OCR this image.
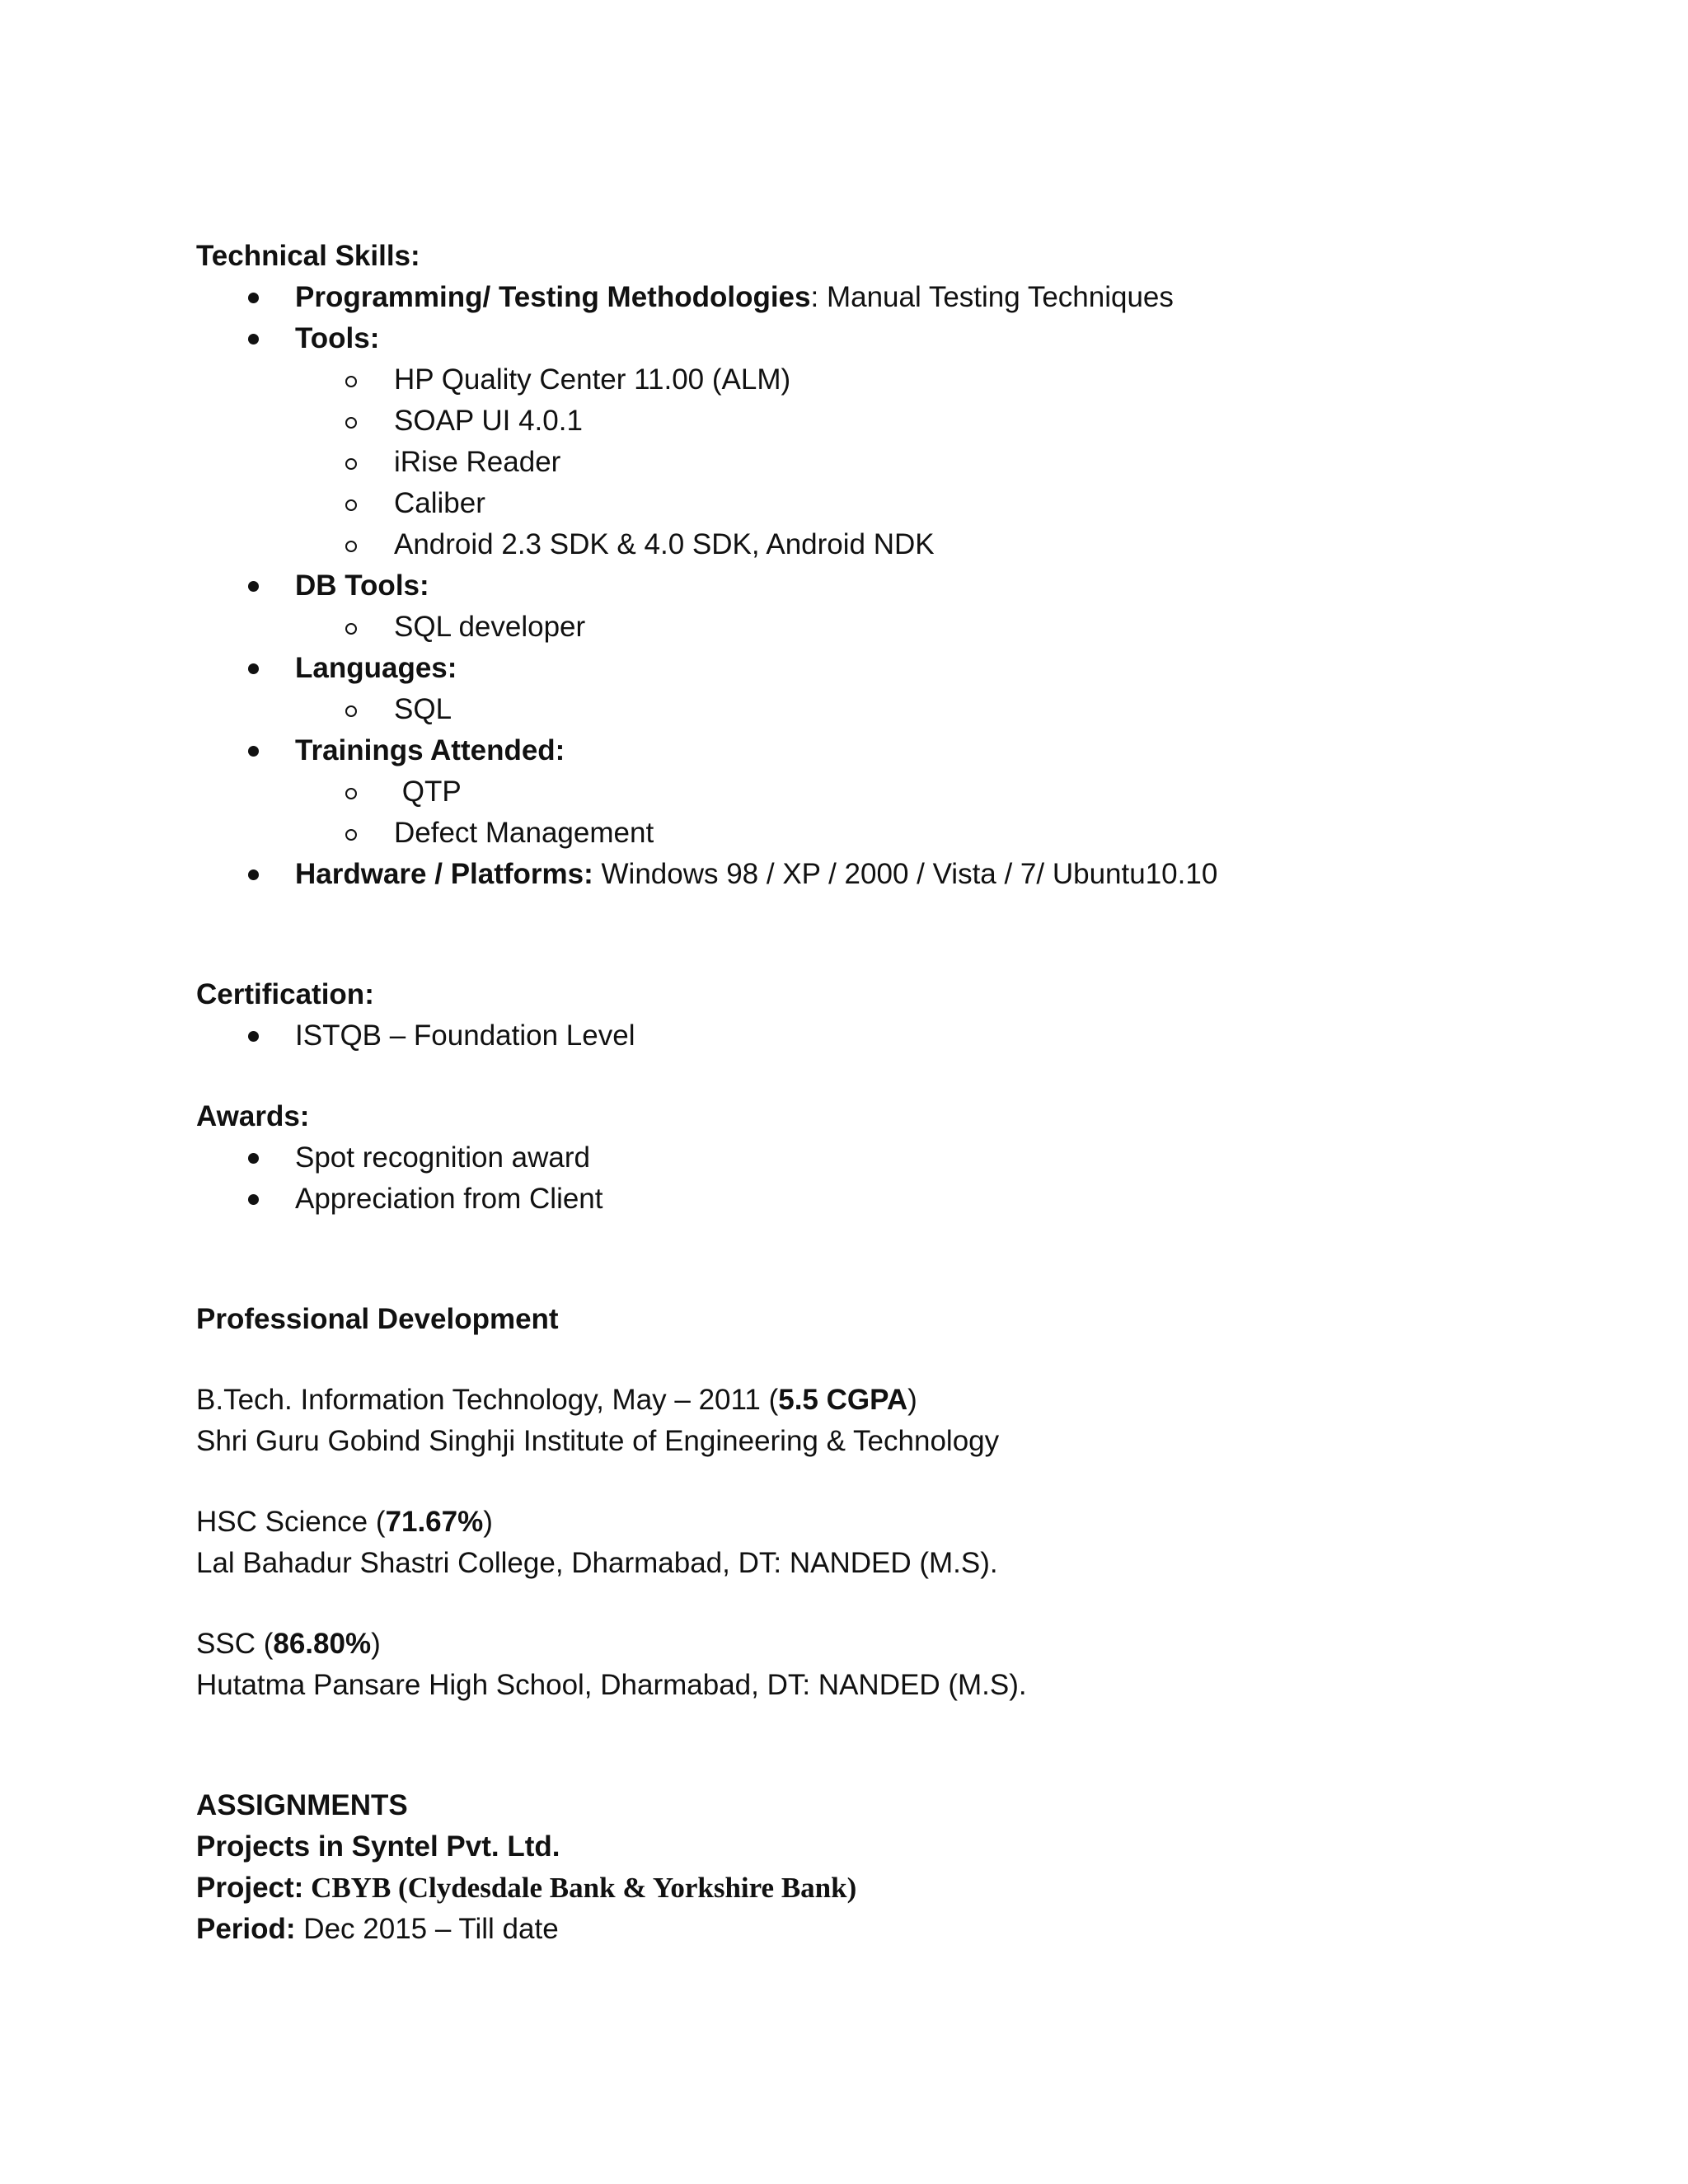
Technical Skills:

Programming/ Testing Methodologies: Manual Testing Techniques
Tools:
HP Quality Center 11.00 (ALM)
SOAP UI 4.0.1
iRise Reader
Caliber
Android 2.3 SDK & 4.0 SDK, Android NDK
DB Tools:
SQL developer
Languages:
SQL
Trainings Attended:
QTP
Defect Management
Hardware / Platforms: Windows 98 / XP / 2000 / Vista / 7/ Ubuntu10.10

Certification:

ISTQB – Foundation Level

Awards:

Spot recognition award
Appreciation from Client

Professional Development

B.Tech. Information Technology, May – 2011 (5.5 CGPA)

Shri Guru Gobind Singhji Institute of Engineering & Technology

HSC Science (71.67%)

Lal Bahadur Shastri College, Dharmabad, DT: NANDED (M.S).

SSC (86.80%)

Hutatma Pansare High School, Dharmabad, DT: NANDED (M.S).

ASSIGNMENTS

Projects in Syntel Pvt. Ltd.

Project: CBYB (Clydesdale Bank & Yorkshire Bank)

Period: Dec 2015 – Till date
